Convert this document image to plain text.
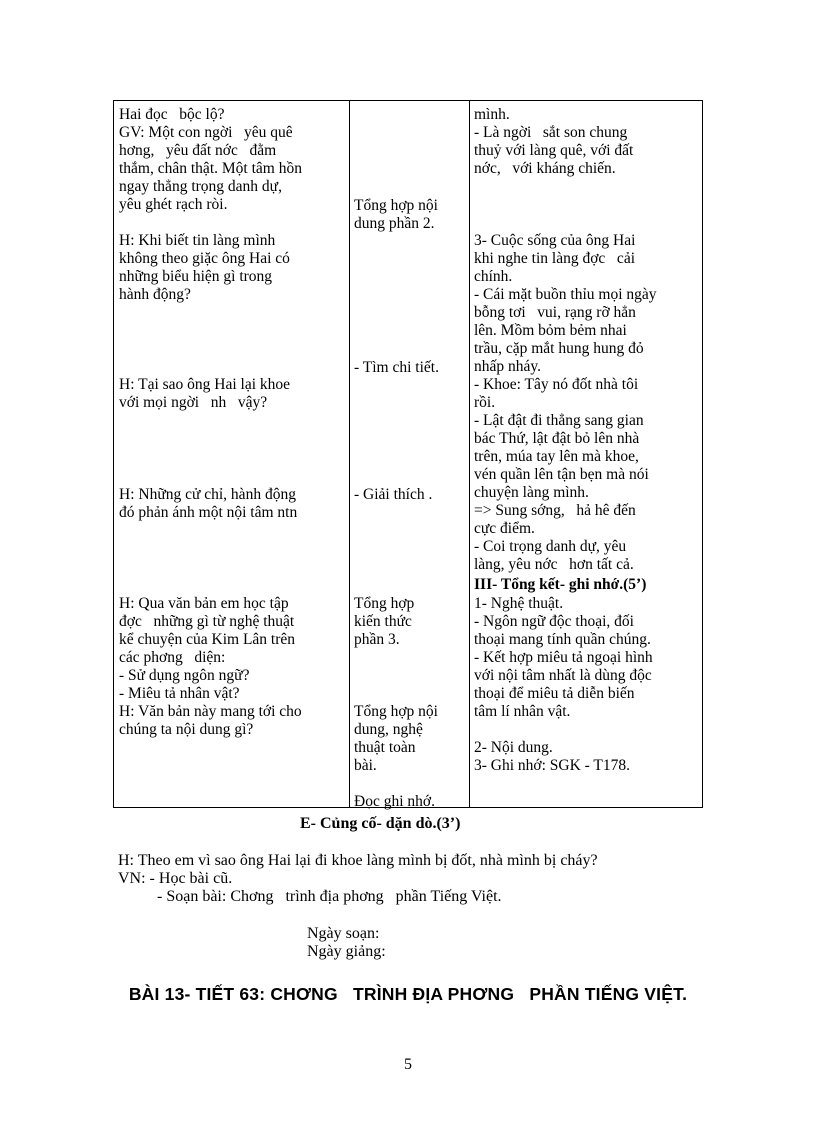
Hai đọc   bộc lộ?
GV: Một con ngời   yêu quê
hơng,   yêu đất nớc   đằm
thắm, chân thật. Một tâm hồn
ngay thẳng trọng danh dự,
yêu ghét rạch ròi.
H: Khi biết tin làng mình
không theo giặc ông Hai có
những biểu hiện gì trong
hành động?
H: Tại sao ông Hai lại khoe
với mọi ngời   nh   vậy?
H: Những cử chỉ, hành động
đó phản ánh một nội tâm ntn
H: Qua văn bản em học tập
đợc   những gì từ nghệ thuật
kể chuyện của Kim Lân trên
các phơng   diện:
- Sử dụng ngôn ngữ?
- Miêu tả nhân vật?
H: Văn bản này mang tới cho
chúng ta nội dung gì?
Tổng hợp nội
dung phần 2.
- Tìm chi tiết.
- Giải thích .
Tổng hợp
kiến thức
phần 3.
Tổng hợp nội
dung, nghệ
thuật toàn
bài.
Đọc ghi nhớ.
mình.
- Là ngời   sắt son chung
thuỷ với làng quê, với đất
nớc,   với kháng chiến.
3- Cuộc sống của ông Hai
khi nghe tin làng đợc   cải
chính.
- Cái mặt buồn thỉu mọi ngày
bỗng tơi   vui, rạng rỡ hẳn
lên. Mồm bỏm bẻm nhai
trầu, cặp mắt hung hung đỏ
nhấp nháy.
- Khoe: Tây nó đốt nhà tôi
rồi.
- Lật đật đi thẳng sang gian
bác Thứ, lật đật bỏ lên nhà
trên, múa tay lên mà khoe,
vén quần lên tận bẹn mà nói
chuyện làng mình.
=> Sung sớng,   hả hê đến
cực điểm.
- Coi trọng danh dự, yêu
làng, yêu nớc   hơn tất cả.
III- Tổng kết- ghi nhớ.(5’)
1- Nghệ thuật.
- Ngôn ngữ độc thoại, đối
thoại mang tính quần chúng.
- Kết hợp miêu tả ngoại hình
với nội tâm nhất là dùng độc
thoại để miêu tả diễn biến
tâm lí nhân vật.
2- Nội dung.
3- Ghi nhớ: SGK - T178.
E- Củng cố- dặn dò.(3’)
H: Theo em vì sao ông Hai lại đi khoe làng mình bị đốt, nhà mình bị cháy?
VN: - Học bài cũ.
- Soạn bài: Chơng   trình địa phơng   phần Tiếng Việt.
Ngày soạn:
Ngày giảng:
BÀI 13- TIẾT 63: CHƠNG   TRÌNH ĐỊA PHƠNG   PHẦN TIẾNG VIỆT.
5
